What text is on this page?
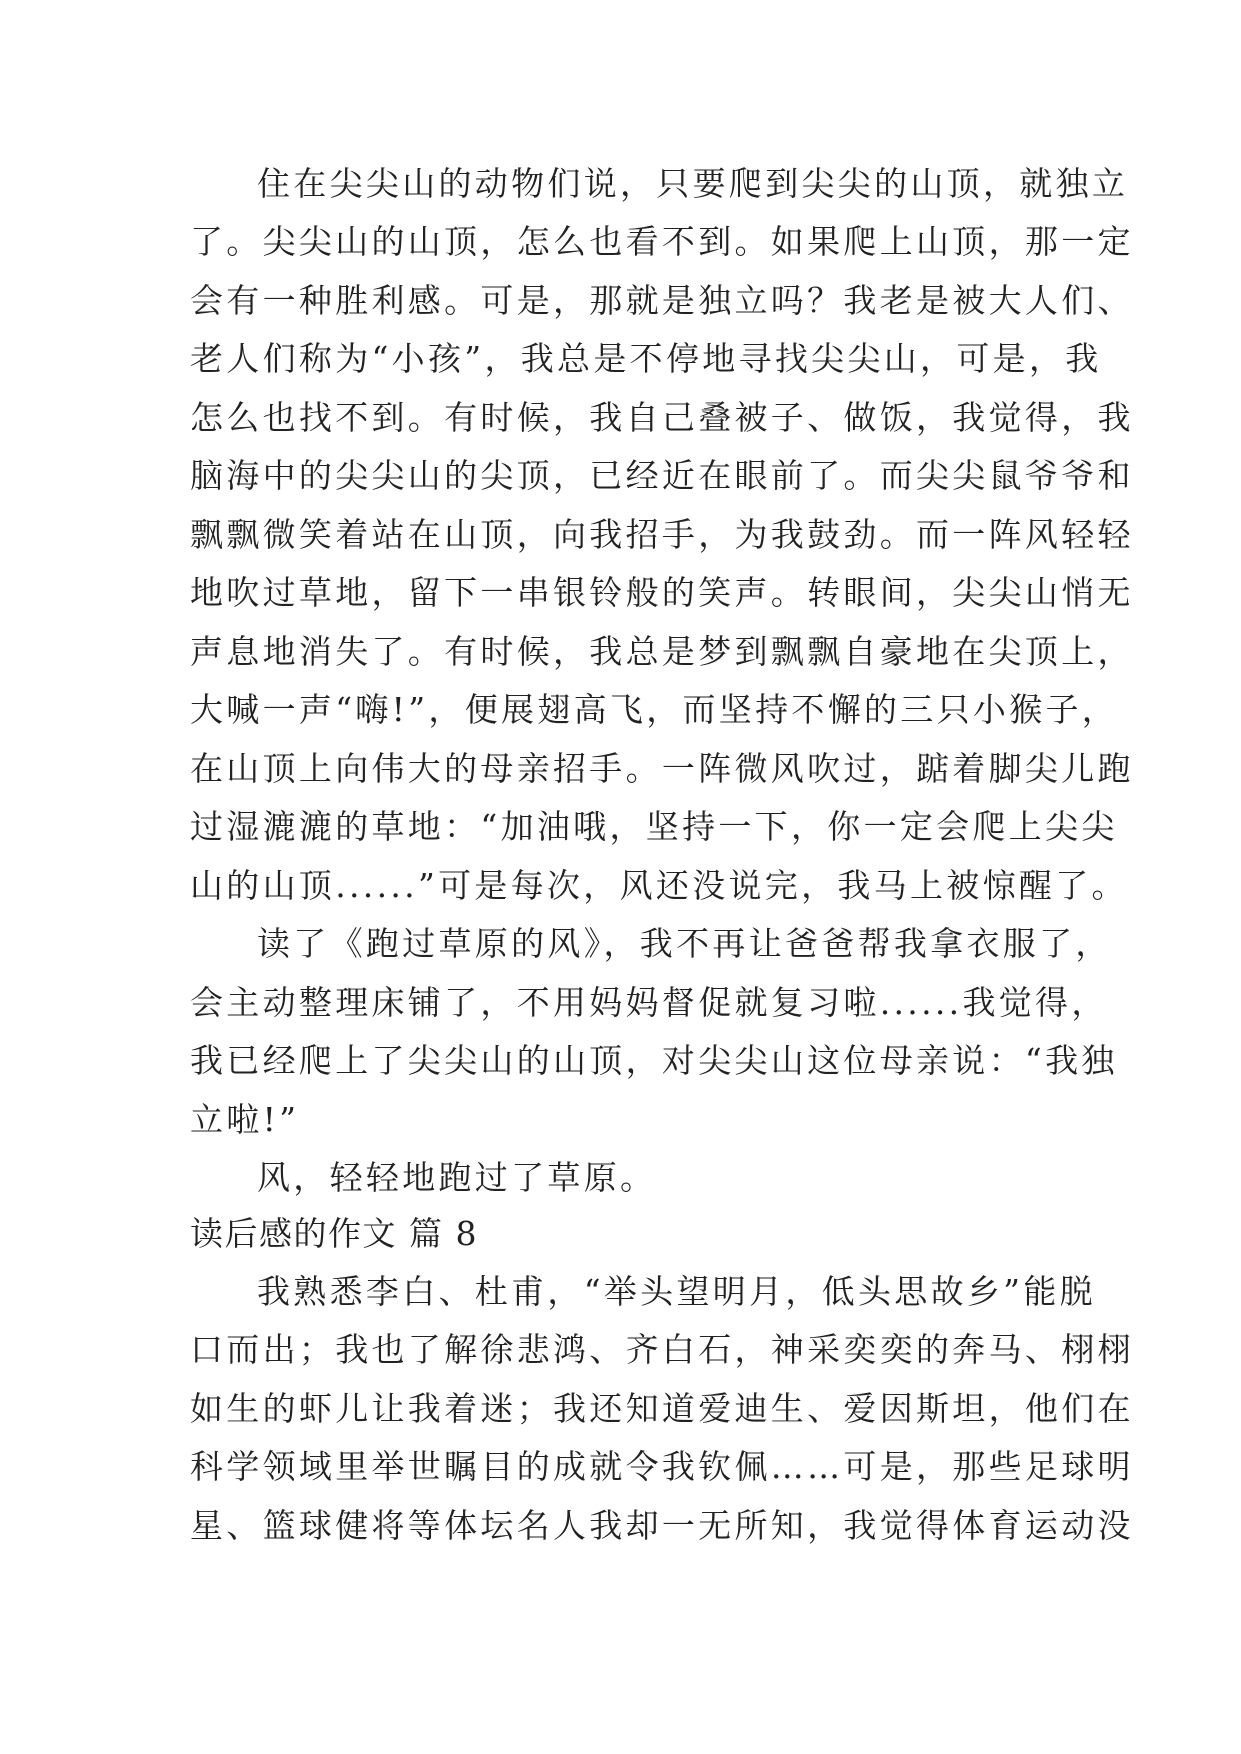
住在尖尖山的动物们说，只要爬到尖尖的山顶，就独立
了。尖尖山的山顶，怎么也看不到。如果爬上山顶，那一定
会有一种胜利感。可是，那就是独立吗？我老是被大人们、
老人们称为“小孩”，我总是不停地寻找尖尖山，可是，我
怎么也找不到。有时候，我自己叠被子、做饭，我觉得，我
脑海中的尖尖山的尖顶，已经近在眼前了。而尖尖鼠爷爷和
飘飘微笑着站在山顶，向我招手，为我鼓劲。而一阵风轻轻
地吹过草地，留下一串银铃般的笑声。转眼间，尖尖山悄无
声息地消失了。有时候，我总是梦到飘飘自豪地在尖顶上，
大喊一声“嗨!”，便展翅高飞，而坚持不懈的三只小猴子，
在山顶上向伟大的母亲招手。一阵微风吹过，踮着脚尖儿跑
过湿漉漉的草地：“加油哦，坚持一下，你一定会爬上尖尖
山的山顶......”可是每次，风还没说完，我马上被惊醒了。
读了《跑过草原的风》，我不再让爸爸帮我拿衣服了，
会主动整理床铺了，不用妈妈督促就复习啦......我觉得，
我已经爬上了尖尖山的山顶，对尖尖山这位母亲说：“我独
立啦!”
风，轻轻地跑过了草原。
读后感的作文 篇 8
我熟悉李白、杜甫，“举头望明月，低头思故乡”能脱
口而出；我也了解徐悲鸿、齐白石，神采奕奕的奔马、栩栩
如生的虾儿让我着迷；我还知道爱迪生、爱因斯坦，他们在
科学领域里举世瞩目的成就令我钦佩……可是，那些足球明
星、篮球健将等体坛名人我却一无所知，我觉得体育运动没
